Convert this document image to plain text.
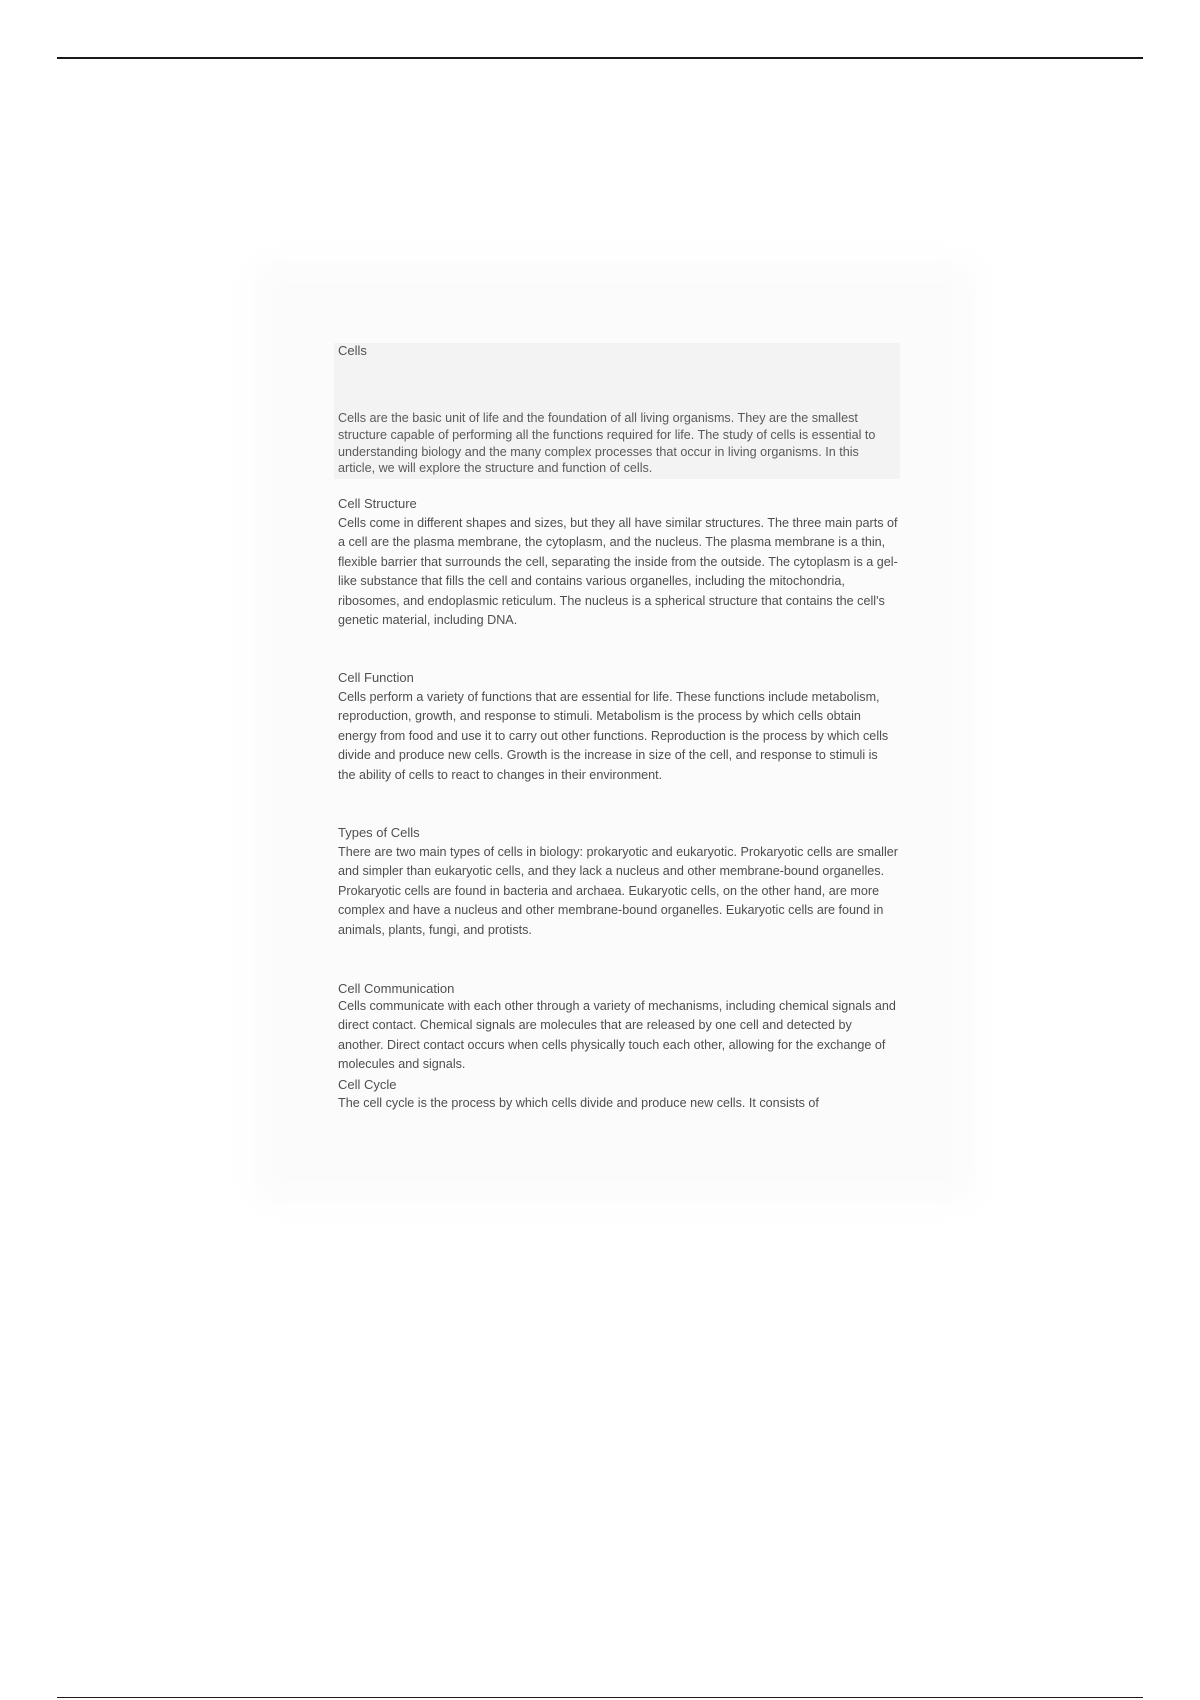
Cells
Cells are the basic unit of life and the foundation of all living organisms. They are the smallest structure capable of performing all the functions required for life. The study of cells is essential to understanding biology and the many complex processes that occur in living organisms. In this article, we will explore the structure and function of cells.
Cell Structure
Cells come in different shapes and sizes, but they all have similar structures. The three main parts of a cell are the plasma membrane, the cytoplasm, and the nucleus. The plasma membrane is a thin, flexible barrier that surrounds the cell, separating the inside from the outside. The cytoplasm is a gel-like substance that fills the cell and contains various organelles, including the mitochondria, ribosomes, and endoplasmic reticulum. The nucleus is a spherical structure that contains the cell's genetic material, including DNA.
Cell Function
Cells perform a variety of functions that are essential for life. These functions include metabolism, reproduction, growth, and response to stimuli. Metabolism is the process by which cells obtain energy from food and use it to carry out other functions. Reproduction is the process by which cells divide and produce new cells. Growth is the increase in size of the cell, and response to stimuli is the ability of cells to react to changes in their environment.
Types of Cells
There are two main types of cells in biology: prokaryotic and eukaryotic. Prokaryotic cells are smaller and simpler than eukaryotic cells, and they lack a nucleus and other membrane-bound organelles. Prokaryotic cells are found in bacteria and archaea. Eukaryotic cells, on the other hand, are more complex and have a nucleus and other membrane-bound organelles. Eukaryotic cells are found in animals, plants, fungi, and protists.
Cell Communication
Cells communicate with each other through a variety of mechanisms, including chemical signals and direct contact. Chemical signals are molecules that are released by one cell and detected by another. Direct contact occurs when cells physically touch each other, allowing for the exchange of molecules and signals.
Cell Cycle
The cell cycle is the process by which cells divide and produce new cells. It consists of
